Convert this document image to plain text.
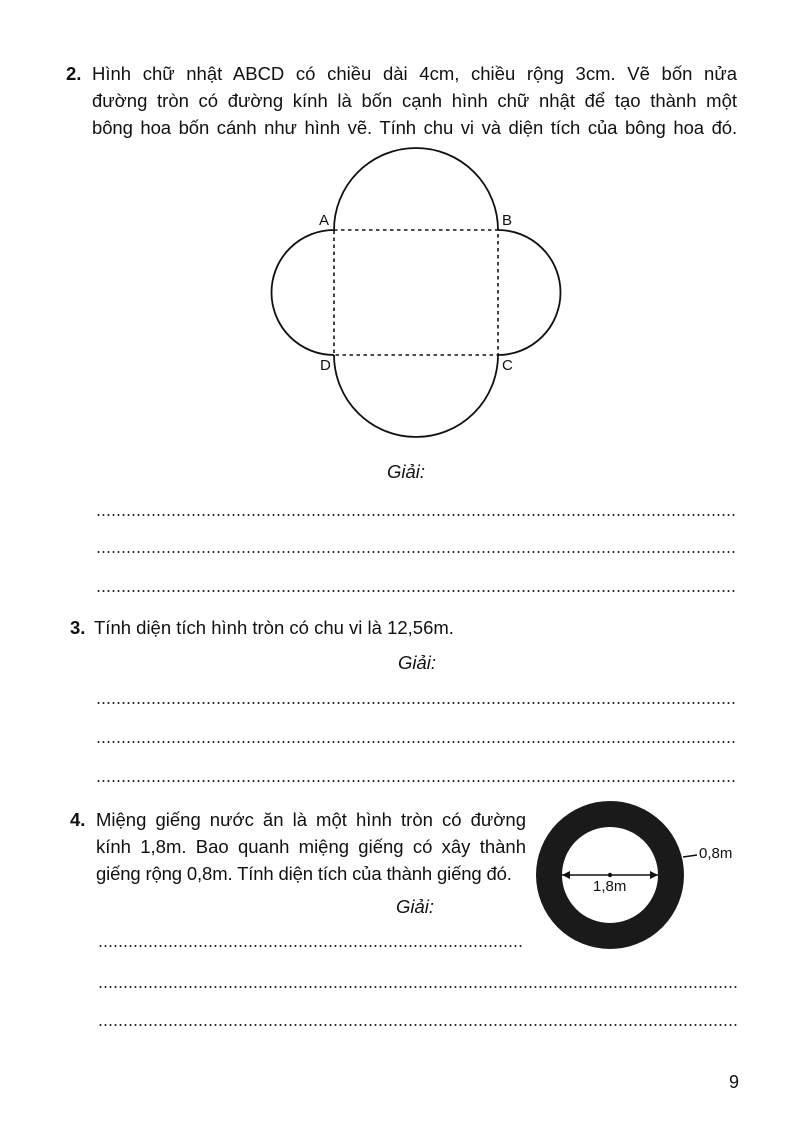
2. Hình chữ nhật ABCD có chiều dài 4cm, chiều rộng 3cm. Vẽ bốn nửa
đường tròn có đường kính là bốn cạnh hình chữ nhật để tạo thành một
bông hoa bốn cánh như hình vẽ. Tính chu vi và diện tích của bông hoa đó.
A	B
C
D
Giải:
3. Tính diện tích hình tròn có chu vi là 12,56m.
Giải:
4. Miệng giếng nước ăn là một hình tròn có đường
kính 1,8m. Bao quanh miệng giếng có xây thành
giếng rộng 0,8m. Tính diện tích của thành giếng đó.
1,8m
0,8m
Giải:
9
